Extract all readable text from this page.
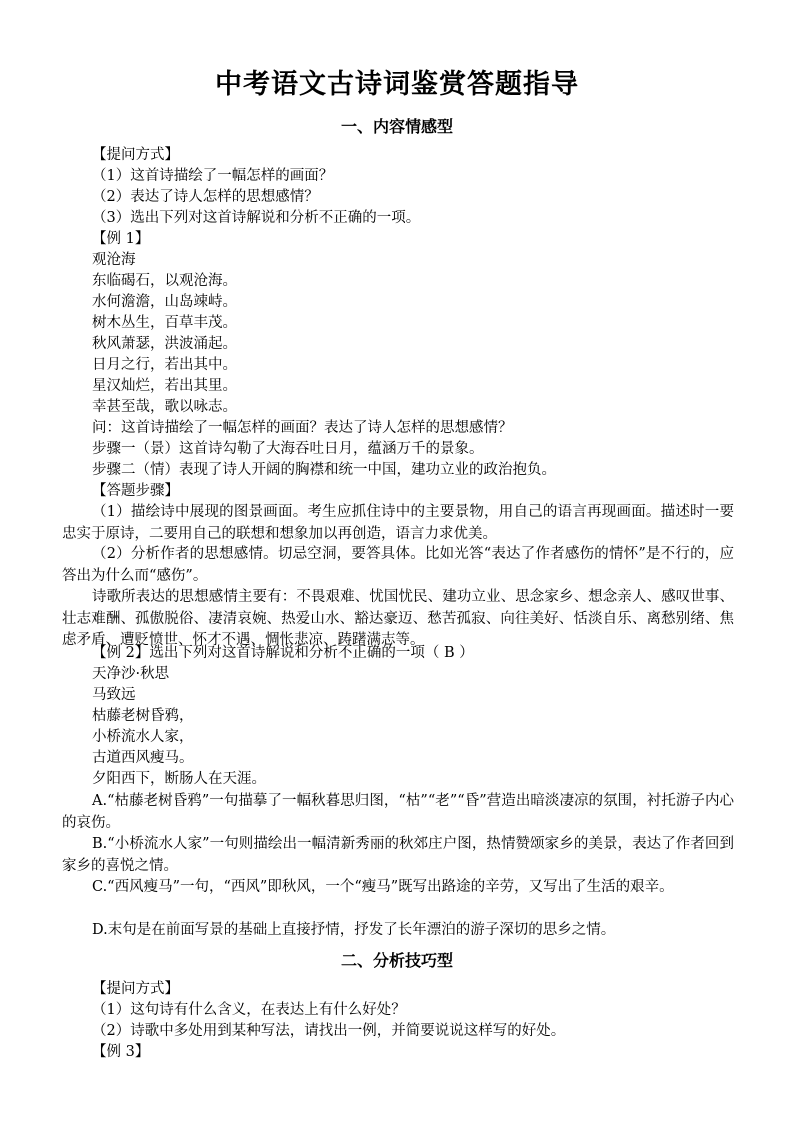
中考语文古诗词鉴赏答题指导
一、内容情感型
【提问方式】
（1）这首诗描绘了一幅怎样的画面？
（2）表达了诗人怎样的思想感情？
（3）选出下列对这首诗解说和分析不正确的一项。
【例 1】
观沧海
东临碣石，以观沧海。
水何澹澹，山岛竦峙。
树木丛生，百草丰茂。
秋风萧瑟，洪波涌起。
日月之行，若出其中。
星汉灿烂，若出其里。
幸甚至哉，歌以咏志。
问：这首诗描绘了一幅怎样的画面？表达了诗人怎样的思想感情？
步骤一（景）这首诗勾勒了大海吞吐日月，蕴涵万千的景象。
步骤二（情）表现了诗人开阔的胸襟和统一中国，建功立业的政治抱负。
【答题步骤】
（1）描绘诗中展现的图景画面。考生应抓住诗中的主要景物，用自己的语言再现画面。描述时一要忠实于原诗，二要用自己的联想和想象加以再创造，语言力求优美。
（2）分析作者的思想感情。切忌空洞，要答具体。比如光答“表达了作者感伤的情怀”是不行的，应答出为什么而“感伤”。
诗歌所表达的思想感情主要有：不畏艰难、忧国忧民、建功立业、思念家乡、想念亲人、感叹世事、壮志难酬、孤傲脱俗、凄清哀婉、热爱山水、豁达豪迈、愁苦孤寂、向往美好、恬淡自乐、离愁别绪、焦虑矛盾、遭贬愤世、怀才不遇、惆怅悲凉、踌躇满志等。
【例 2】选出下列对这首诗解说和分析不正确的一项（ B ）
天净沙·秋思
马致远
枯藤老树昏鸦，
小桥流水人家，
古道西风瘦马。
夕阳西下，断肠人在天涯。
A.“枯藤老树昏鸦”一句描摹了一幅秋暮思归图，“枯”“老”“昏”营造出暗淡凄凉的氛围，衬托游子内心的哀伤。
B.“小桥流水人家”一句则描绘出一幅清新秀丽的秋郊庄户图，热情赞颂家乡的美景，表达了作者回到家乡的喜悦之情。
C.“西风瘦马”一句，“西风”即秋风，一个“瘦马”既写出路途的辛劳，又写出了生活的艰辛。
D.末句是在前面写景的基础上直接抒情，抒发了长年漂泊的游子深切的思乡之情。
二、分析技巧型
【提问方式】
（1）这句诗有什么含义，在表达上有什么好处？
（2）诗歌中多处用到某种写法，请找出一例，并简要说说这样写的好处。
【例 3】
